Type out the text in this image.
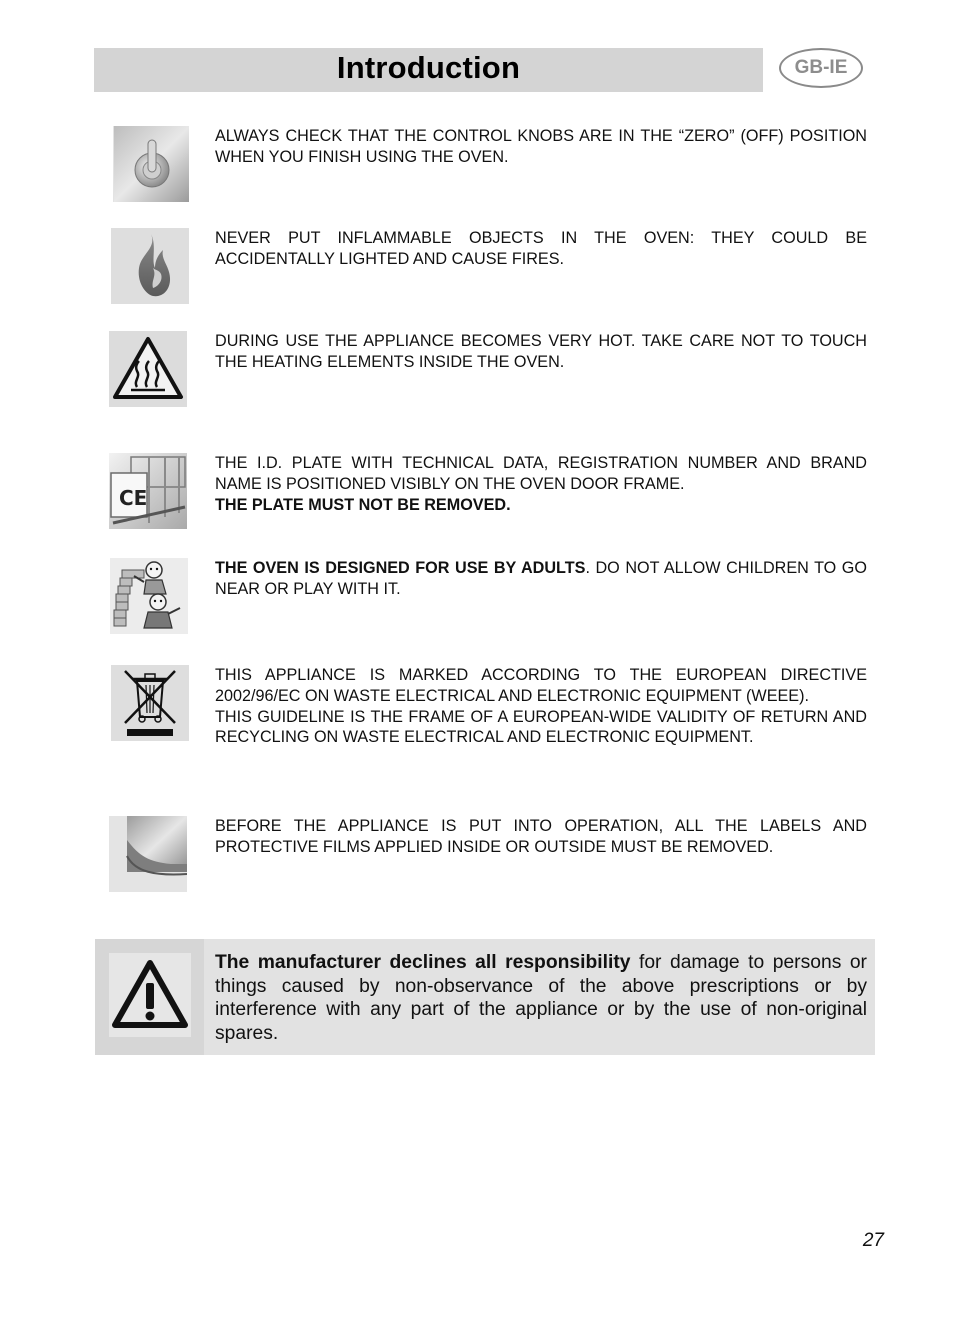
Introduction	GB-IE

ALWAYS CHECK THAT THE CONTROL KNOBS ARE IN THE “ZERO” (OFF) POSITION WHEN YOU FINISH USING THE OVEN.

NEVER PUT INFLAMMABLE OBJECTS IN THE OVEN: THEY COULD BE ACCIDENTALLY LIGHTED AND CAUSE FIRES.

DURING USE THE APPLIANCE BECOMES VERY HOT. TAKE CARE NOT TO TOUCH THE HEATING ELEMENTS INSIDE THE OVEN.

CE

THE I.D. PLATE WITH TECHNICAL DATA, REGISTRATION NUMBER AND BRAND NAME IS POSITIONED VISIBLY ON THE OVEN DOOR FRAME.

THE PLATE MUST NOT BE REMOVED.

THE OVEN IS DESIGNED FOR USE BY ADULTS. DO NOT ALLOW CHILDREN TO GO NEAR OR PLAY WITH IT.

THIS APPLIANCE IS MARKED ACCORDING TO THE EUROPEAN DIRECTIVE 2002/96/EC ON WASTE ELECTRICAL AND ELECTRONIC EQUIPMENT (WEEE).

THIS GUIDELINE IS THE FRAME OF A EUROPEAN-WIDE VALIDITY OF RETURN AND RECYCLING ON WASTE ELECTRICAL AND ELECTRONIC EQUIPMENT.

BEFORE THE APPLIANCE IS PUT INTO OPERATION, ALL THE LABELS AND PROTECTIVE FILMS APPLIED INSIDE OR OUTSIDE MUST BE REMOVED.

The manufacturer declines all responsibility for damage to persons or things caused by non-observance of the above prescriptions or by interference with any part of the appliance or by the use of non-original spares.
27
